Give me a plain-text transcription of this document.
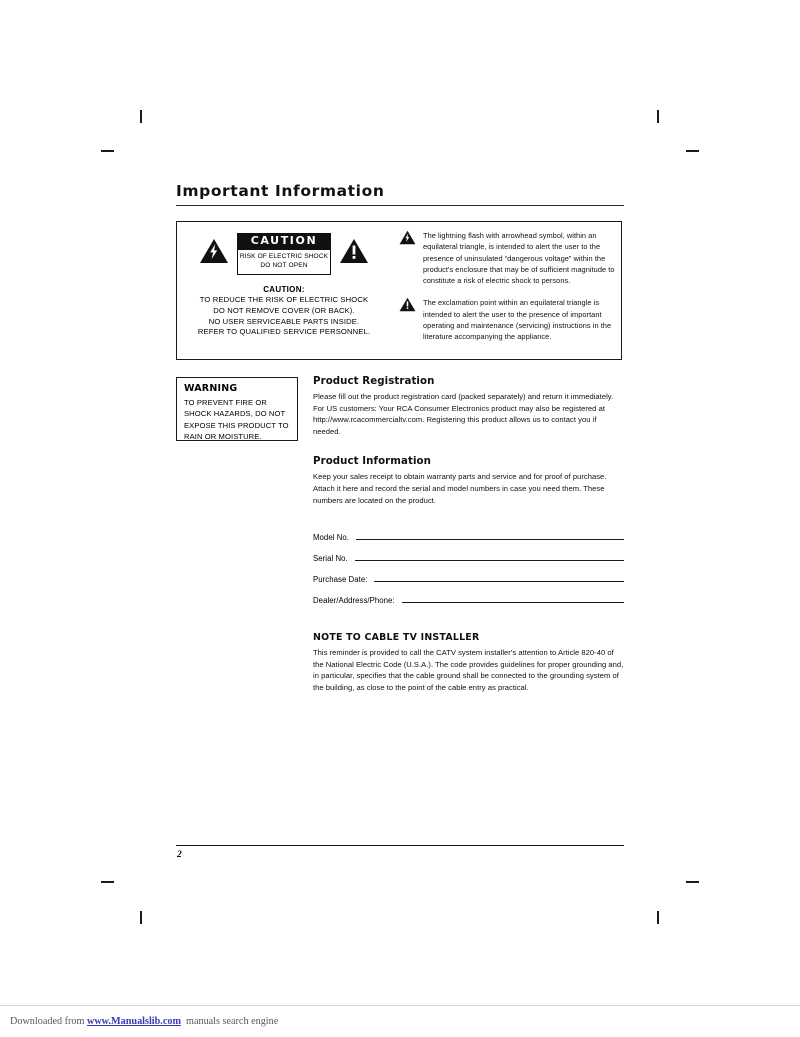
Important Information
CAUTION
RISK OF ELECTRIC SHOCK
DO NOT OPEN
CAUTION:
TO REDUCE THE RISK OF ELECTRIC SHOCK
DO NOT REMOVE COVER (OR BACK).
NO USER SERVICEABLE PARTS INSIDE.
REFER TO QUALIFIED SERVICE PERSONNEL.
The lightning flash with arrowhead symbol, within an equilateral triangle, is intended to alert the user to the presence of uninsulated “dangerous voltage” within the product's enclosure that may be of sufficient magnitude to constitute a risk of electric shock to persons.
The exclamation point within an equilateral triangle is intended to alert the user to the presence of important operating and maintenance (servicing) instructions in the literature accompanying the appliance.
WARNING
TO PREVENT FIRE OR SHOCK HAZARDS, DO NOT EXPOSE THIS PRODUCT TO RAIN OR MOISTURE.
Product Registration

Please fill out the product registration card (packed separately) and return it immediately. For US customers: Your RCA Consumer Electronics product may also be registered at http://www.rcacommercialtv.com. Registering this product allows us to contact you if needed.

Product Information

Keep your sales receipt to obtain warranty parts and service and for proof of purchase. Attach it here and record the serial and model numbers in case you need them. These numbers are located on the product.

Model No.
Serial No.
Purchase Date:
Dealer/Address/Phone:
NOTE TO CABLE TV INSTALLER

This reminder is provided to call the CATV system installer's attention to Article 820-40 of the National Electric Code (U.S.A.). The code provides guidelines for proper grounding and, in particular, specifies that the cable ground shall be connected to the grounding system of the building, as close to the point of the cable entry as practical.

2
Downloaded from www.Manualslib.com  manuals search engine
